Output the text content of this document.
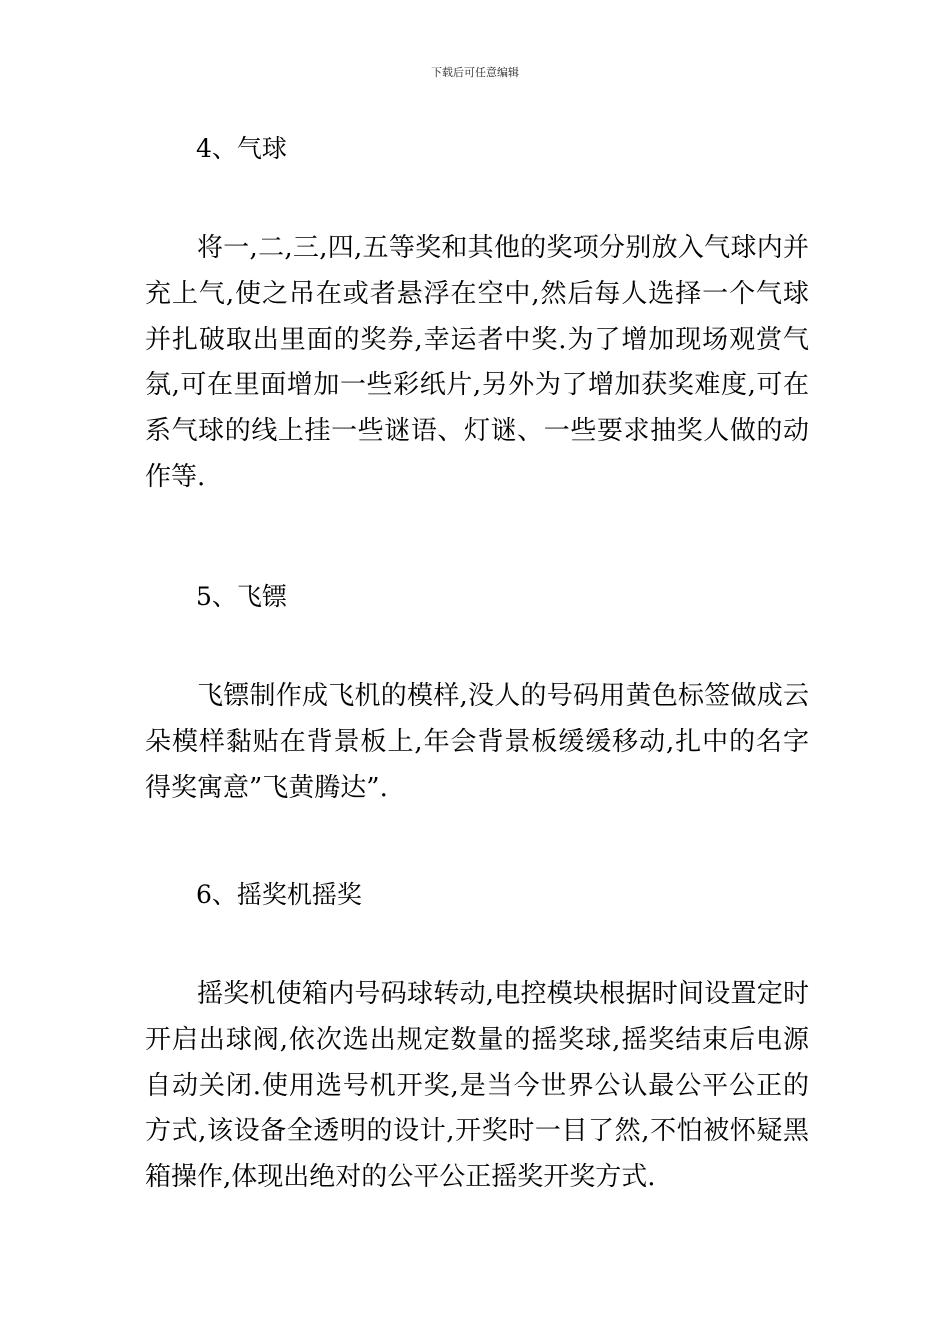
下载后可任意编辑
4、气球

将一,二,三,四,五等奖和其他的奖项分别放入气球内并充上气,使之吊在或者悬浮在空中,然后每人选择一个气球并扎破取出里面的奖券,幸运者中奖.为了增加现场观赏气氛,可在里面增加一些彩纸片,另外为了增加获奖难度,可在系气球的线上挂一些谜语、灯谜、一些要求抽奖人做的动作等.

5、飞镖

飞镖制作成飞机的模样,没人的号码用黄色标签做成云朵模样黏贴在背景板上,年会背景板缓缓移动,扎中的名字得奖寓意”飞黄腾达”.

6、摇奖机摇奖

摇奖机使箱内号码球转动,电控模块根据时间设置定时开启出球阀,依次选出规定数量的摇奖球,摇奖结束后电源自动关闭.使用选号机开奖,是当今世界公认最公平公正的方式,该设备全透明的设计,开奖时一目了然,不怕被怀疑黑箱操作,体现出绝对的公平公正摇奖开奖方式.
